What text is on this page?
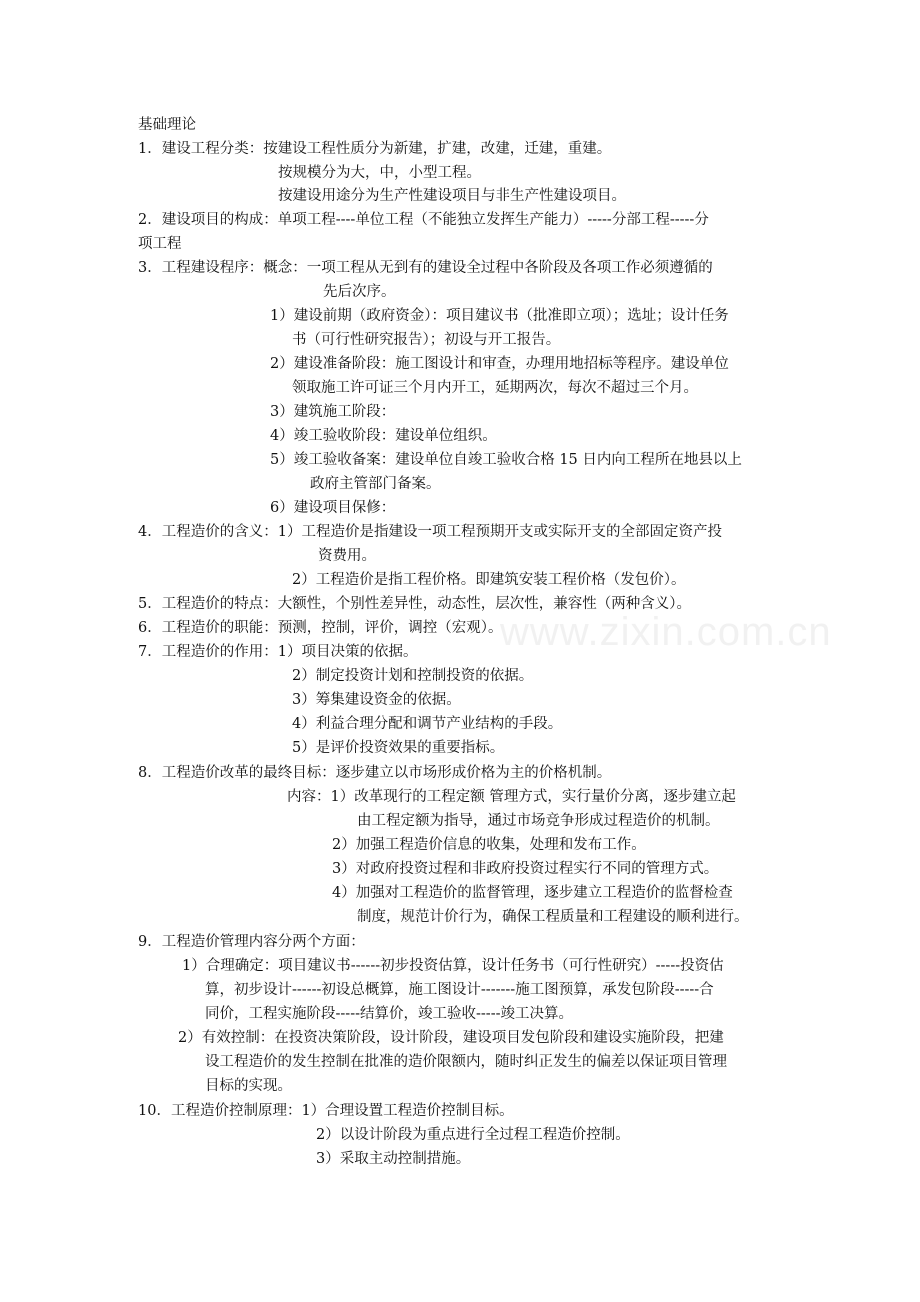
www.zixin.com.cn
基础理论
1．建设工程分类：按建设工程性质分为新建，扩建，改建，迁建，重建。
按规模分为大，中，小型工程。
按建设用途分为生产性建设项目与非生产性建设项目。
2．建设项目的构成：单项工程----单位工程（不能独立发挥生产能力）-----分部工程-----分
项工程
3．工程建设程序：概念：一项工程从无到有的建设全过程中各阶段及各项工作必须遵循的
先后次序。
1）建设前期（政府资金）：项目建议书（批准即立项）；选址；设计任务
书（可行性研究报告）；初设与开工报告。
2）建设准备阶段：施工图设计和审查，办理用地招标等程序。建设单位
领取施工许可证三个月内开工，延期两次，每次不超过三个月。
3）建筑施工阶段：
4）竣工验收阶段：建设单位组织。
5）竣工验收备案：建设单位自竣工验收合格 15 日内向工程所在地县以上
政府主管部门备案。
6）建设项目保修：
4．工程造价的含义：1）工程造价是指建设一项工程预期开支或实际开支的全部固定资产投
资费用。
2）工程造价是指工程价格。即建筑安装工程价格（发包价）。
5．工程造价的特点：大额性，个别性差异性，动态性，层次性，兼容性（两种含义）。
6．工程造价的职能：预测，控制，评价，调控（宏观）。
7．工程造价的作用：1）项目决策的依据。
2）制定投资计划和控制投资的依据。
3）筹集建设资金的依据。
4）利益合理分配和调节产业结构的手段。
5）是评价投资效果的重要指标。
8．工程造价改革的最终目标：逐步建立以市场形成价格为主的价格机制。
内容：1）改革现行的工程定额 管理方式，实行量价分离，逐步建立起
由工程定额为指导，通过市场竞争形成过程造价的机制。
2）加强工程造价信息的收集，处理和发布工作。
3）对政府投资过程和非政府投资过程实行不同的管理方式。
4）加强对工程造价的监督管理，逐步建立工程造价的监督检查
制度，规范计价行为，确保工程质量和工程建设的顺利进行。
9．工程造价管理内容分两个方面：
1）合理确定：项目建议书------初步投资估算，设计任务书（可行性研究）-----投资估
算，初步设计------初设总概算，施工图设计-------施工图预算，承发包阶段-----合
同价，工程实施阶段-----结算价，竣工验收-----竣工决算。
2）有效控制：在投资决策阶段，设计阶段，建设项目发包阶段和建设实施阶段，把建
设工程造价的发生控制在批准的造价限额内，随时纠正发生的偏差以保证项目管理
目标的实现。
10．工程造价控制原理：1）合理设置工程造价控制目标。
2）以设计阶段为重点进行全过程工程造价控制。
3）采取主动控制措施。
